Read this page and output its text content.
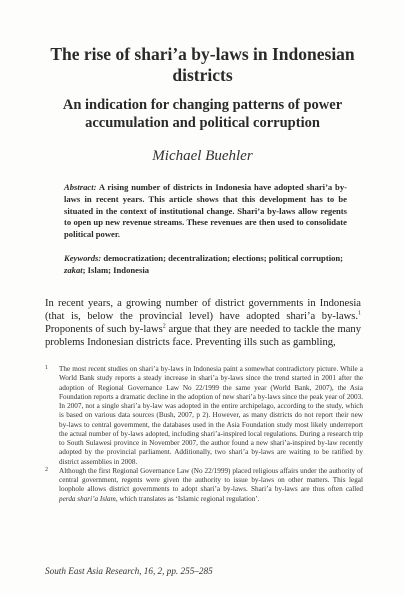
The rise of shari’a by-laws in Indonesian districts
An indication for changing patterns of power accumulation and political corruption
Michael Buehler
Abstract: A rising number of districts in Indonesia have adopted shari’a by-laws in recent years. This article shows that this development has to be situated in the context of institutional change. Shari’a by-laws allow regents to open up new revenue streams. These revenues are then used to consolidate political power.
Keywords: democratization; decentralization; elections; political corruption; zakat; Islam; Indonesia
In recent years, a growing number of district governments in Indonesia (that is, below the provincial level) have adopted shari’a by-laws.$^1$ Proponents of such by-laws$^2$ argue that they are needed to tackle the many problems Indonesian districts face. Preventing ills such as gambling,
1 The most recent studies on shari’a by-laws in Indonesia paint a somewhat contradictory picture. While a World Bank study reports a steady increase in shari’a by-laws since the trend started in 2001 after the adoption of Regional Governance Law No 22/1999 the same year (World Bank, 2007), the Asia Foundation reports a dramatic decline in the adoption of new shari’a by-laws since the peak year of 2003. In 2007, not a single shari’a by-law was adopted in the entire archipelago, according to the study, which is based on various data sources (Bush, 2007, p 2). However, as many districts do not report their new by-laws to central government, the databases used in the Asia Foundation study most likely underreport the actual number of by-laws adopted, including shari’a-inspired local regulations. During a research trip to South Sulawesi province in November 2007, the author found a new shari’a-inspired by-law recently adopted by the provincial parliament. Additionally, two shari’a by-laws are waiting to be ratified by district assemblies in 2008.
2 Although the first Regional Governance Law (No 22/1999) placed religious affairs under the authority of central government, regents were given the authority to issue by-laws on other matters. This legal loophole allows district governments to adopt shari’a by-laws. Shari’a by-laws are thus often called perda shari’a Islam, which translates as ‘Islamic regional regulation’.
South East Asia Research, 16, 2, pp. 255–285
